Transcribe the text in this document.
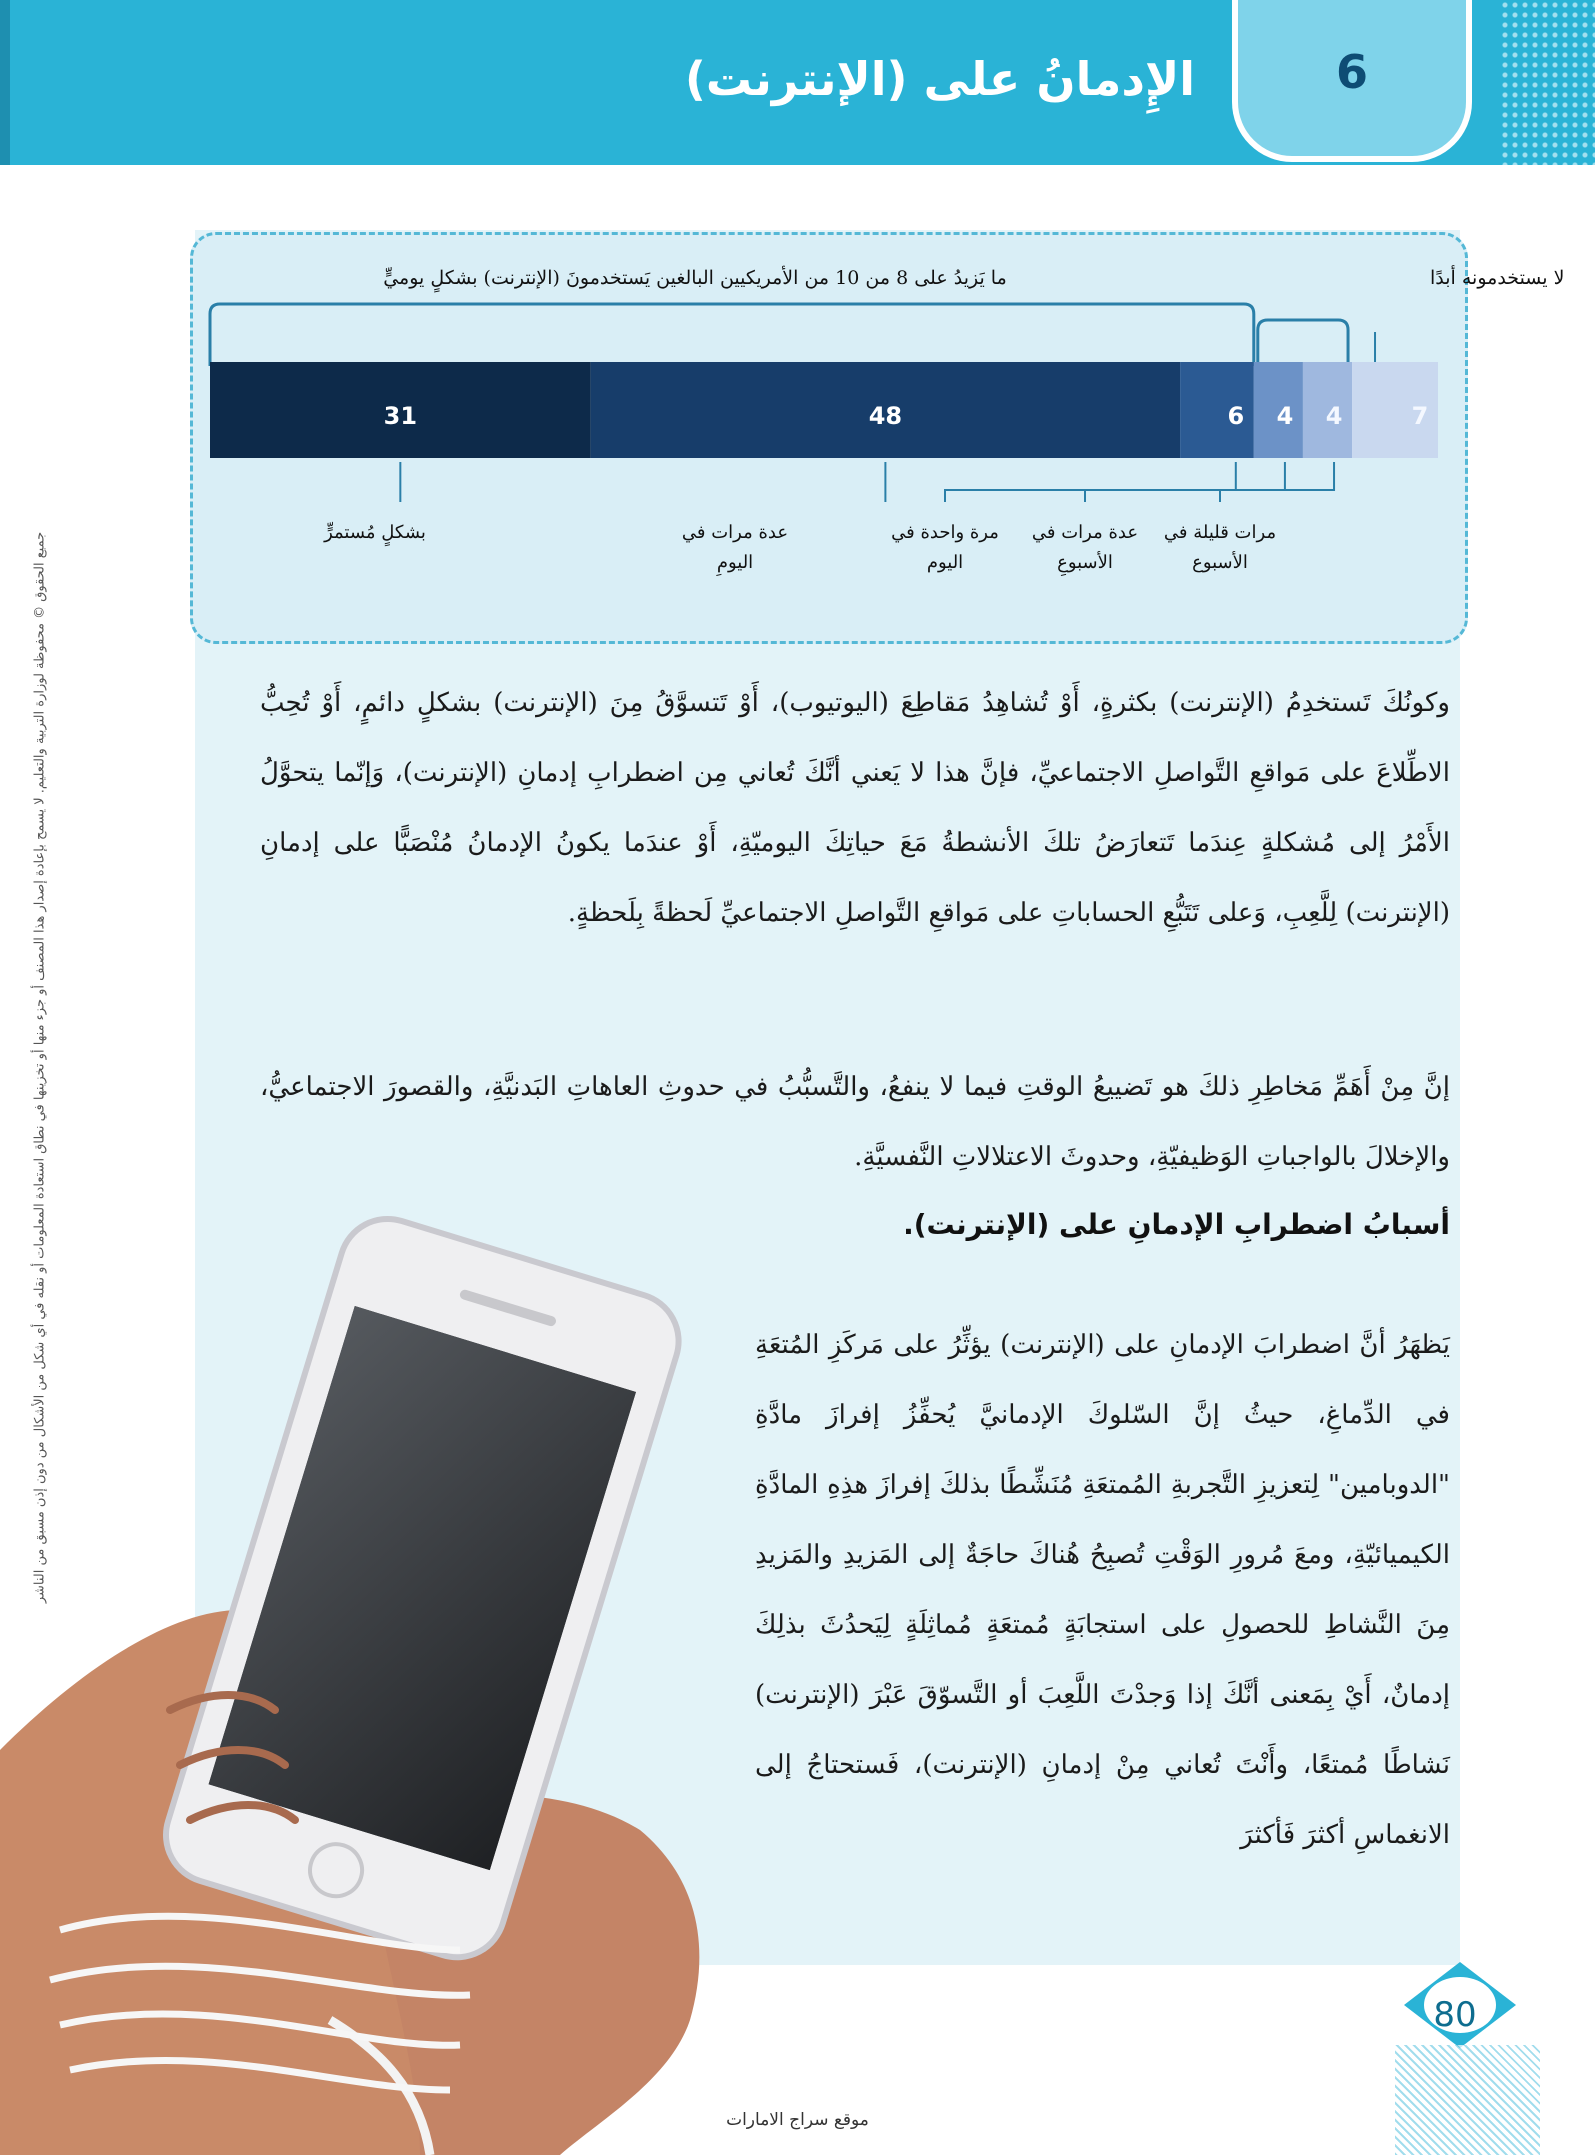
الإِدمانُ على (الإنترنت)	6
جميع الحقوق © محفوظة لوزارة التربية والتعليم. لا يسمح بإعادة إصدار هذا المصنف أو جزء منها أو تخزينها في نطاق استعادة المعلومات أو نقله في أي شكل من الأشكال من دون إذن مسبق من الناشر
ما يَزيدُ على 8 من 10 من الأمريكيين البالغين يَستخدمونَ (الإنترنت) بشكلٍ يوميٍّ	لا يستخدمونه أبدًا
31	48	6 4 4	7
بشكلٍ مُستمرٍّ	عدة مرات في اليومِ
مرة واحدة في اليوم
عدة مرات في الأسبوعِ
مرات قليلة في الأسبوع

وكونُكَ تَستخدِمُ (الإنترنت) بكثرةٍ، أَوْ تُشاهِدُ مَقاطِعَ (اليوتيوب)، أَوْ تَتسوَّقُ مِنَ (الإنترنت) بشكلٍ دائمٍ، أَوْ تُحِبُّ الاطِّلاعَ على مَواقعِ التَّواصلِ الاجتماعيِّ، فإنَّ هذا لا يَعني أنَّكَ تُعاني مِن اضطرابِ إدمانِ (الإنترنت)، وَإنّما يتحوَّلُ الأَمْرُ إلى مُشكلةٍ عِندَما تَتعارَضُ تلكَ الأنشطةُ مَعَ حياتِكَ اليوميّةِ، أَوْ عندَما يكونُ الإدمانُ مُنْصَبًّا على إدمانِ (الإنترنت) لِلَّعِبِ، وَعلى تَتَبُّعِ الحساباتِ على مَواقعِ التَّواصلِ الاجتماعيِّ لَحظةً بِلَحظةٍ.

إنَّ مِنْ أَهَمِّ مَخاطِرِ ذلكَ هو تَضييعُ الوقتِ فيما لا ينفعُ، والتَّسبُّبُ في حدوثِ العاهاتِ البَدنيَّةِ، والقصورَ الاجتماعيُّ، والإخلالَ بالواجباتِ الوَظيفيّةِ، وحدوثَ الاعتلالاتِ النَّفسيَّةِ.

أسبابُ اضطرابِ الإدمانِ على (الإنترنت).

يَظهَرُ أنَّ اضطرابَ الإدمانِ على (الإنترنت) يؤثِّرُ على مَركَزِ المُتعَةِ في الدِّماغِ، حيثُ إنَّ السّلوكَ الإدمانيَّ يُحفِّزُ إفرازَ مادَّةِ "الدوبامين" لِتعزيزِ التَّجربةِ المُمتعَةِ مُنَشِّطًا بذلكَ إفرازَ هذِهِ المادَّةِ الكيميائيّةِ، ومعَ مُرورِ الوَقْتِ تُصبِحُ هُناكَ حاجَةٌ إلى المَزيدِ والمَزيدِ مِنَ النَّشاطِ للحصولِ على استجابَةٍ مُمتعَةٍ مُماثِلَةٍ لِيَحدُثَ بذلِكَ إدمانٌ، أَيْ بِمَعنى أنَّكَ إذا وَجدْتَ اللَّعِبَ أو التَّسوّقَ عَبْرَ (الإنترنت) نَشاطًا مُمتعًا، وأَنْتَ تُعاني مِنْ إدمانِ (الإنترنت)، فَستحتاجُ إلى الانغماسِ أكثرَ فَأكثرَ

80
موقع سراج الامارات
